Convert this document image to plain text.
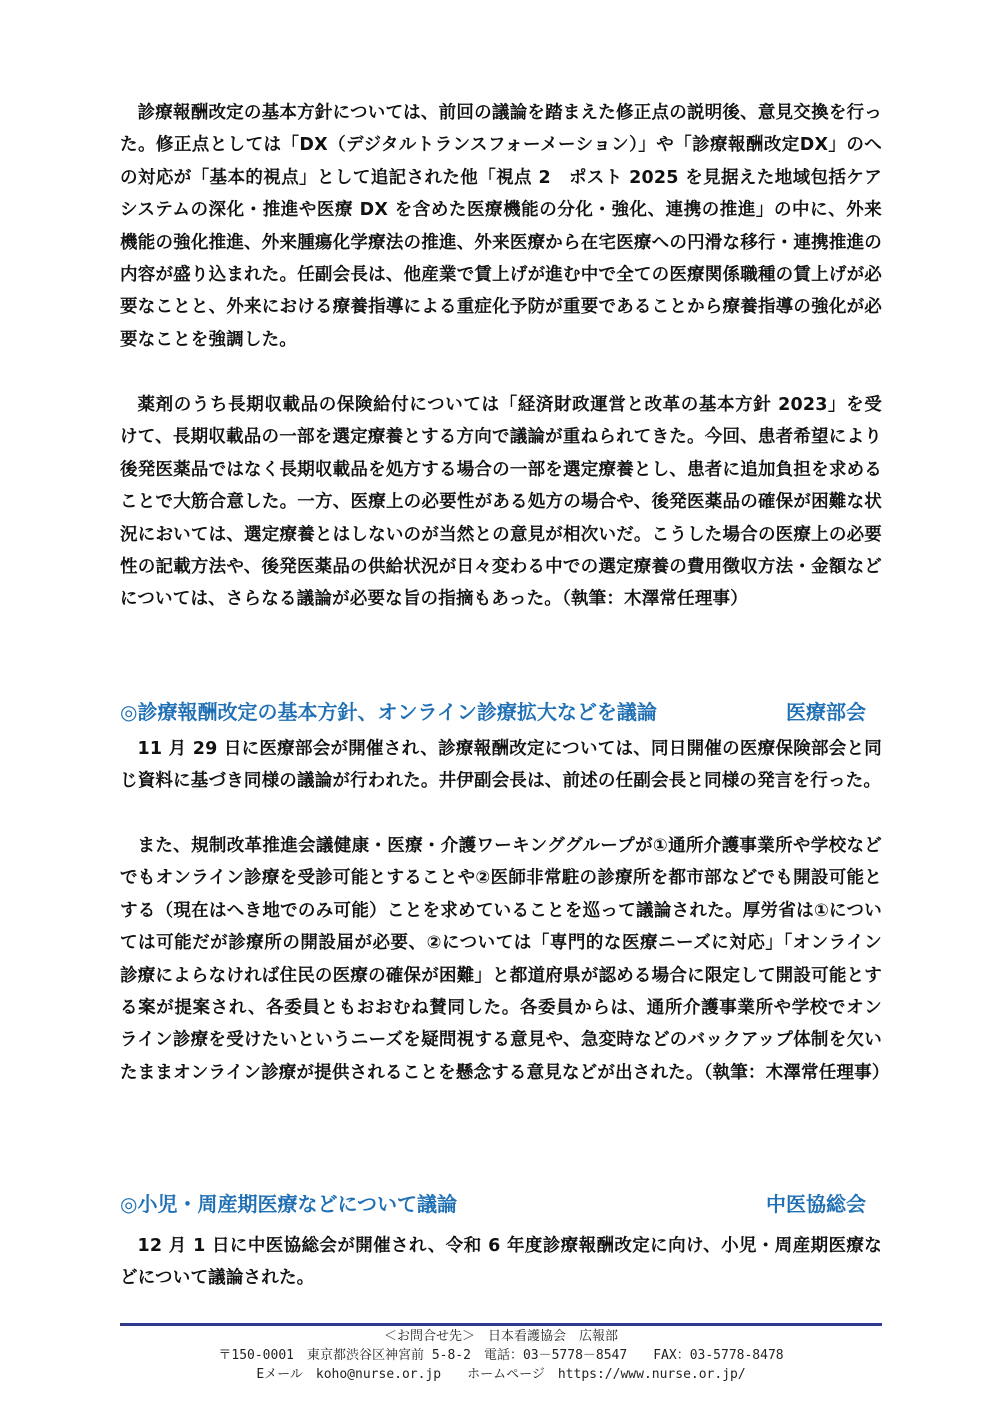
診療報酬改定の基本方針については、前回の議論を踏まえた修正点の説明後、意見交換を行った。修正点としては「DX（デジタルトランスフォーメーション）」や「診療報酬改定DX」のへの対応が「基本的視点」として追記された他「視点 2　ポスト 2025 を見据えた地域包括ケアシステムの深化・推進や医療 DX を含めた医療機能の分化・強化、連携の推進」の中に、外来機能の強化推進、外来腫瘍化学療法の推進、外来医療から在宅医療への円滑な移行・連携推進の内容が盛り込まれた。任副会長は、他産業で賃上げが進む中で全ての医療関係職種の賃上げが必要なことと、外来における療養指導による重症化予防が重要であることから療養指導の強化が必要なことを強調した。

薬剤のうち長期収載品の保険給付については「経済財政運営と改革の基本方針 2023」を受けて、長期収載品の一部を選定療養とする方向で議論が重ねられてきた。今回、患者希望により後発医薬品ではなく長期収載品を処方する場合の一部を選定療養とし、患者に追加負担を求めることで大筋合意した。一方、医療上の必要性がある処方の場合や、後発医薬品の確保が困難な状況においては、選定療養とはしないのが当然との意見が相次いだ。こうした場合の医療上の必要性の記載方法や、後発医薬品の供給状況が日々変わる中での選定療養の費用徴収方法・金額などについては、さらなる議論が必要な旨の指摘もあった。（執筆：木澤常任理事）

◎診療報酬改定の基本方針、オンライン診療拡大などを議論	医療部会

11 月 29 日に医療部会が開催され、診療報酬改定については、同日開催の医療保険部会と同じ資料に基づき同様の議論が行われた。井伊副会長は、前述の任副会長と同様の発言を行った。

また、規制改革推進会議健康・医療・介護ワーキンググループが①通所介護事業所や学校などでもオンライン診療を受診可能とすることや②医師非常駐の診療所を都市部などでも開設可能とする（現在はへき地でのみ可能）ことを求めていることを巡って議論された。厚労省は①については可能だが診療所の開設届が必要、②については「専門的な医療ニーズに対応」「オンライン診療によらなければ住民の医療の確保が困難」と都道府県が認める場合に限定して開設可能とする案が提案され、各委員ともおおむね賛同した。各委員からは、通所介護事業所や学校でオンライン診療を受けたいというニーズを疑問視する意見や、急変時などのバックアップ体制を欠いたままオンライン診療が提供されることを懸念する意見などが出された。（執筆：木澤常任理事）

◎小児・周産期医療などについて議論	中医協総会

12 月 1 日に中医協総会が開催され、令和 6 年度診療報酬改定に向け、小児・周産期医療などについて議論された。

＜お問合せ先＞　日本看護協会　広報部

〒150-0001　東京都渋谷区神宮前 5-8-2　電話：03－5778－8547　　FAX：03-5778-8478

Eメール　koho@nurse.or.jp　　ホームページ　https://www.nurse.or.jp/
